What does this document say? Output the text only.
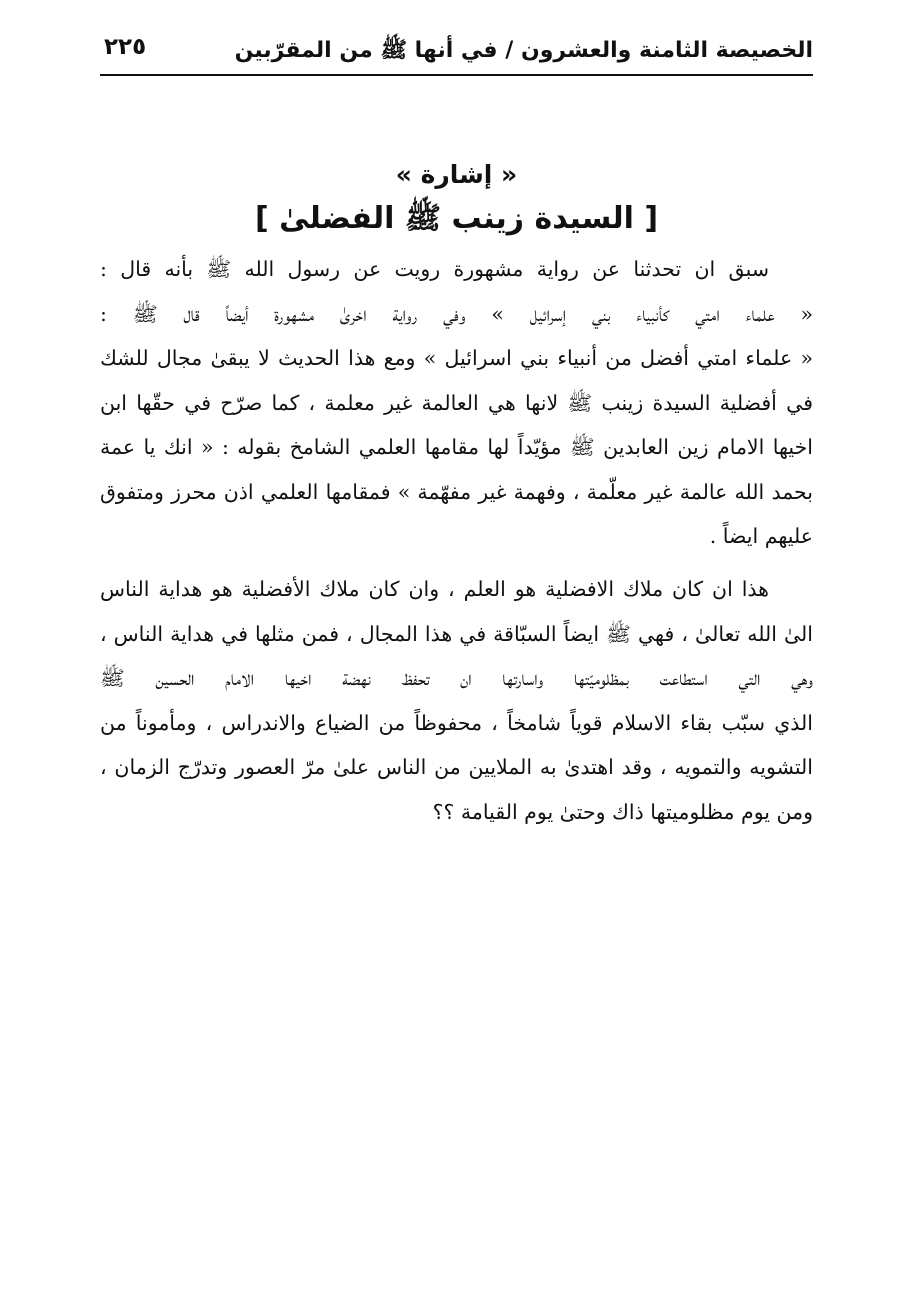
الخصيصة الثامنة والعشرون / في أنها ﷺ من المقرّبين
٢٢٥
« إشارة »
[ السيدة زينب ﷺ الفضلىٰ ]
سبق ان تحدثنا عن رواية مشهورة رويت عن رسول الله ﷺ بأنه قال :
« علماء امتي كأنبياء بني إسرائيل » وفي رواية اخرىٰ مشهورة أيضاً قال ﷺ :
« علماء امتي أفضل من أنبياء بني اسرائيل » ومع هذا الحديث لا يبقىٰ مجال للشك
في أفضلية السيدة زينب ﷺ لانها هي العالمة غير معلمة ، كما صرّح في حقّها ابن
اخيها الامام زين العابدين ﷺ مؤيّداً لها مقامها العلمي الشامخ بقوله : « انك يا عمة
بحمد الله عالمة غير معلّمة ، وفهمة غير مفهّمة » فمقامها العلمي اذن محرز ومتفوق
عليهم ايضاً .
هذا ان كان ملاك الافضلية هو العلم ، وان كان ملاك الأفضلية هو هداية الناس
الىٰ الله تعالىٰ ، فهي ﷺ ايضاً السبّاقة في هذا المجال ، فمن مثلها في هداية الناس ،
وهي التي استطاعت بمظلوميّتها واسارتها ان تحفظ نهضة اخيها الامام الحسين ﷺ
الذي سبّب بقاء الاسلام قوياً شامخاً ، محفوظاً من الضياع والاندراس ، ومأموناً من
التشويه والتمويه ، وقد اهتدىٰ به الملايين من الناس علىٰ مرّ العصور وتدرّج الزمان ،
ومن يوم مظلوميتها ذاك وحتىٰ يوم القيامة ؟؟
